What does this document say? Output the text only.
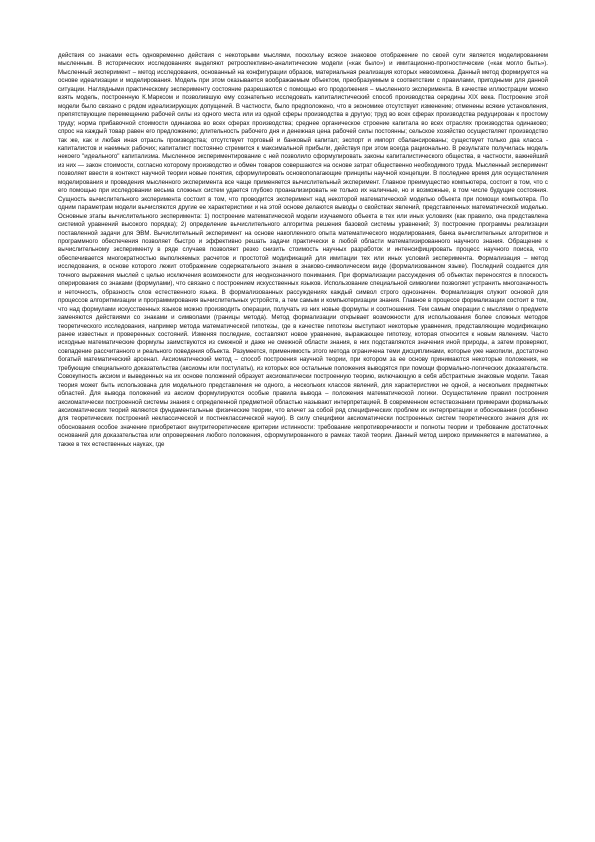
действия со знаками есть одновременно действия с некоторыми мыслями, поскольку всякое знаковое отображение по своей сути является моделированием мысленным. В исторических исследованиях выделяют ретроспективно-аналитические модели («как было») и имитационно-прогностические («как могло быть»). Мысленный эксперимент – метод исследования, основанный на конфигурации образов, материальная реализация которых невозможна. Данный метод формируется на основе идеализации и моделирования. Модель при этом оказывается воображаемым объектом, преобразуемым в соответствии с правилами, пригодными для данной ситуации. Наглядными практическому эксперименту состояние разрешаются с помощью его продолжения – мысленного эксперимента. В качестве иллюстрации можно взять модель, построенную К.Марксом и позволившую ему сознательно исследовать капиталистический способ производства середины XIX века. Построение этой модели было связано с рядом идеализирующих допущений. В частности, было предположено, что в экономике отсутствует изменение; отменены всякие установления, препятствующие перемещению рабочей силы из одного места или из одной сферы производства в другую; труд во всех сферах производства редуцирован к простому труду; норма прибавочной стоимости одинакова во всех сферах производства; среднее органическое строение капитала во всех отраслях производства одинаково; спрос на каждый товар равен его предложению; длительность рабочего дня и денежная цена рабочей силы постоянны; сельское хозяйство осуществляет производство так же, как и любая иная отрасль производства; отсутствует торговый и банковый капитал; экспорт и импорт сбалансированы; существует только два класса - капиталистов и наемных рабочих; капиталист постоянно стремится к максимальной прибыли, действуя при этом всегда рационально. В результате получилась модель некоего "идеального" капитализма. Мысленное экспериментирование с ней позволило сформулировать законы капиталистического общества, в частности, важнейший из них — закон стоимости, согласно которому производство и обмен товаров совершаются на основе затрат общественно необходимого труда. Мысленный эксперимент позволяет ввести в контекст научной теории новые понятия, сформулировать основополагающие принципы научной концепции. В последнее время для осуществления моделирования и проведения мысленного эксперимента все чаще применяется вычислительный эксперимент. Главное преимущество компьютера, состоит в том, что с его помощью при исследовании весьма сложных систем удается глубоко проанализировать не только их наличные, но и возможные, в том числе будущие состояния. Сущность вычислительного эксперимента состоит в том, что проводится эксперимент над некоторой математической моделью объекта при помощи компьютера. По одним параметрам модели вычисляются другие ее характеристики и на этой основе делаются выводы о свойствах явлений, представленных математической моделью. Основные этапы вычислительного эксперимента: 1) построение математической модели изучаемого объекта в тех или иных условиях (как правило, она представлена системой уравнений высокого порядка); 2) определение вычислительного алгоритма решения базовой системы уравнений; 3) построение программы реализации поставленной задачи для ЭВМ. Вычислительный эксперимент на основе накопленного опыта математического моделирования, банка вычислительных алгоритмов и программного обеспечения позволяет быстро и эффективно решать задачи практически в любой области математизированного научного знания. Обращение к вычислительному эксперименту в ряде случаев позволяет резко снизить стоимость научных разработок и интенсифицировать процесс научного поиска, что обеспечивается многократностью выполняемых расчетов и простотой модификаций для имитации тех или иных условий эксперимента. Формализация – метод исследования, в основе которого лежит отображение содержательного знания в знаково-символическом виде (формализованном языке). Последний создается для точного выражения мыслей с целью исключения возможности для неоднозначного понимания. При формализации рассуждения об объектах переносятся в плоскость оперирования со знаками (формулами), что связано с построением искусственных языков. Использование специальной символики позволяет устранить многозначность и неточность, образность слов естественного языка. В формализованных рассуждениях каждый символ строго однозначен. Формализация служит основой для процессов алгоритмизации и программирования вычислительных устройств, а тем самым и компьютеризации знания. Главное в процессе формализации состоит в том, что над формулами искусственных языков можно производить операции, получать из них новые формулы и соотношения. Тем самым операции с мыслями о предмете заменяются действиями со знаками и символами (границы метода). Метод формализации открывает возможности для использования более сложных методов теоретического исследования, например метода математической гипотезы, где в качестве гипотезы выступают некоторые уравнения, представляющие модификацию ранее известных и проверенных состояний. Изменяя последние, составляют новое уравнение, выражающее гипотезу, которая относится к новым явлениям. Часто исходные математические формулы заимствуются из смежной и даже не смежной области знания, в них подставляются значения иной природы, а затем проверяют, совпадение рассчитанного и реального поведения объекта. Разумеется, применимость этого метода ограничена теми дисциплинами, которые уже накопили, достаточно богатый математический арсенал. Аксиоматический метод – способ построения научной теории, при котором за ее основу принимаются некоторые положения, не требующие специального доказательства (аксиомы или постулаты), из которых все остальные положения выводятся при помощи формально-логических доказательств. Совокупность аксиом и выведенных на их основе положений образует аксиоматически построенную теорию, включающую в себя абстрактные знаковые модели. Такая теория может быть использована для модельного представления не одного, а нескольких классов явлений, для характеристики не одной, а нескольких предметных областей. Для вывода положений из аксиом формулируются особые правила вывода – положения математической логики. Осуществление правил построения аксиоматически построенной системы знания с определенной предметной областью называют интерпретацией. В современном естествознании примерами формальных аксиоматических теорий являются фундаментальные физические теории, что влечет за собой ряд специфических проблем их интерпретации и обоснования (особенно для теоретических построений неклассической и постнеклассической науки). В силу специфики аксиоматически построенных систем теоретического знания для их обоснования особое значение приобретают внутритеоретические критерии истинности: требование непротиворечивости и полноты теории и требование достаточных оснований для доказательства или опровержения любого положения, сформулированного в рамках такой теории. Данный метод широко применяется в математике, а также в тех естественных науках, где
